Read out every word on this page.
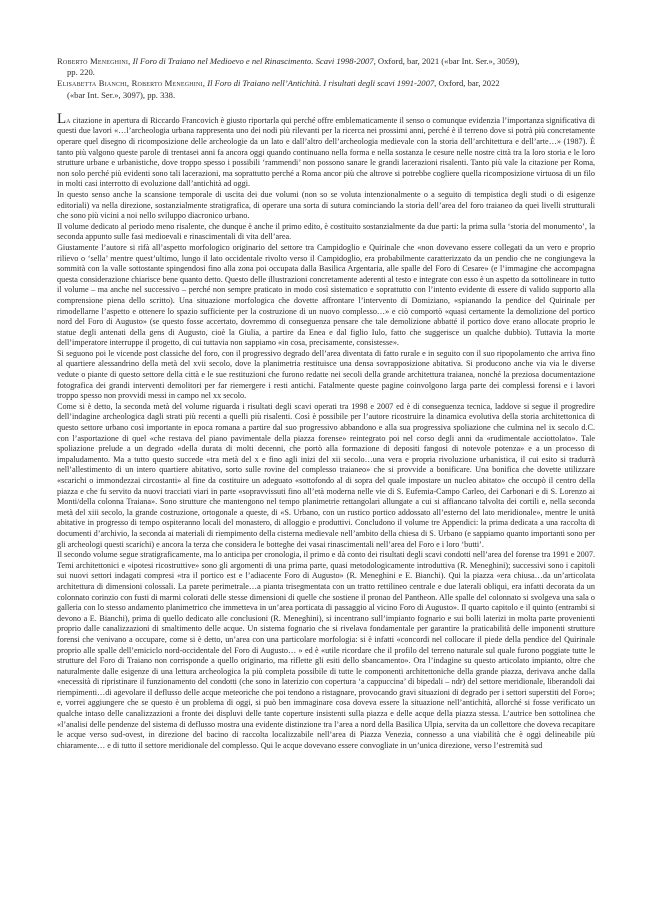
Roberto Meneghini, Il Foro di Traiano nel Medioevo e nel Rinascimento. Scavi 1998-2007, Oxford, bar, 2021 («bar Int. Ser.», 3059),
pp. 220.

Elisabetta Bianchi, Roberto Meneghini, Il Foro di Traiano nell’Antichità. I risultati degli scavi 1991-2007, Oxford, bar, 2022
(«bar Int. Ser.», 3097), pp. 338.

La citazione in apertura di Riccardo Francovich è giusto riportarla qui perché offre emblematicamente il senso o comunque evidenzia l’importanza significativa di questi due lavori «…l’archeologia urbana rappresenta uno dei nodi più rilevanti per la ricerca nei prossimi anni, perché è il terreno dove si potrà più concretamente operare quel disegno di ricomposizione delle archeologie da un lato e dall’altro dell’archeologia medievale con la storia dell’architettura e dell’arte…» (1987). È tanto più valgono queste parole di trentasei anni fa ancora oggi quando continuano nella forma e nella sostanza le cesure nelle nostre città tra la loro storia e le loro strutture urbane e urbanistiche, dove troppo spesso i possibili ‘rammendi’ non possono sanare le grandi lacerazioni risalenti. Tanto più vale la citazione per Roma, non solo perché più evidenti sono tali lacerazioni, ma soprattutto perché a Roma ancor più che altrove si potrebbe cogliere quella ricomposizione virtuosa di un filo in molti casi interrotto di evoluzione dall’antichità ad oggi.

In questo senso anche la scansione temporale di uscita dei due volumi (non so se voluta intenzionalmente o a seguito di tempistica degli studi o di esigenze editoriali) va nella direzione, sostanzialmente stratigrafica, di operare una sorta di sutura cominciando la storia dell’area del foro traianeo da quei livelli strutturali che sono più vicini a noi nello sviluppo diacronico urbano.

Il volume dedicato al periodo meno risalente, che dunque è anche il primo edito, è costituito sostanzialmente da due parti: la prima sulla ‘storia del monumento’, la seconda appunto sulle fasi medioevali e rinascimentali di vita dell’area.

Giustamente l’autore si rifà all’aspetto morfologico originario del settore tra Campidoglio e Quirinale che «non dovevano essere collegati da un vero e proprio rilievo o ‘sella’ mentre quest’ultimo, lungo il lato occidentale rivolto verso il Campidoglio, era probabilmente caratterizzato da un pendio che ne congiungeva la sommità con la valle sottostante spingendosi fino alla zona poi occupata dalla Basilica Argentaria, alle spalle del Foro di Cesare» (e l’immagine che accompagna questa considerazione chiarisce bene quanto detto. Questo delle illustrazioni concretamente aderenti al testo e integrate con esso è un aspetto da sottolineare in tutto il volume – ma anche nel successivo – perché non sempre praticato in modo così sistematico e soprattutto con l’intento evidente di essere di valido supporto alla comprensione piena dello scritto). Una situazione morfologica che dovette affrontare l’intervento di Domiziano, «spianando la pendice del Quirinale per rimodellarne l’aspetto e ottenere lo spazio sufficiente per la costruzione di un nuovo complesso…» e ciò comportò «quasi certamente la demolizione del portico nord del Foro di Augusto» (se questo fosse accertato, dovremmo di conseguenza pensare che tale demolizione abbatté il portico dove erano allocate proprio le statue degli antenati della gens di Augusto, cioè la Giulia, a partire da Enea e dal figlio Iulo, fatto che suggerisce un qualche dubbio). Tuttavia la morte dell’imperatore interruppe il progetto, di cui tuttavia non sappiamo «in cosa, precisamente, consistesse».

Si seguono poi le vicende post classiche del foro, con il progressivo degrado dell’area diventata di fatto rurale e in seguito con il suo ripopolamento che arriva fino al quartiere alessandrino della metà del xvii secolo, dove la planimetria restituisce una densa sovrapposizione abitativa. Si producono anche via via le diverse vedute o piante di questo settore della città e le sue restituzioni che furono redatte nei secoli della grande architettura traianea, nonché la preziosa documentazione fotografica dei grandi interventi demolitori per far riemergere i resti antichi. Fatalmente queste pagine coinvolgono larga parte dei complessi forensi e i lavori troppo spesso non provvidi messi in campo nel xx secolo.

Come si è detto, la seconda metà del volume riguarda i risultati degli scavi operati tra 1998 e 2007 ed è di conseguenza tecnica, laddove si segue il progredire dell’indagine archeologica dagli strati più recenti a quelli più risalenti. Così è possibile per l’autore ricostruire la dinamica evolutiva della storia architettonica di questo settore urbano così importante in epoca romana a partire dal suo progressivo abbandono e alla sua progressiva spoliazione che culmina nel ix secolo d.C. con l’asportazione di quel «che restava del piano pavimentale della piazza forense» reintegrato poi nel corso degli anni da «rudimentale acciottolato». Tale spoliazione prelude a un degrado «della durata di molti decenni, che portò alla formazione di depositi fangosi di notevole potenza» e a un processo di impaludamento. Ma a tutto questo succede «tra metà del x e fino agli inizi del xii secolo…una vera e propria rivoluzione urbanistica, il cui esito si tradurrà nell’allestimento di un intero quartiere abitativo, sorto sulle rovine del complesso traianeo» che si provvide a bonificare. Una bonifica che dovette utilizzare «scarichi o immondezzai circostanti» al fine da costituire un adeguato «sottofondo al di sopra del quale impostare un nucleo abitato» che occupò il centro della piazza e che fu servito da nuovi tracciati viari in parte «sopravvissuti fino all’età moderna nelle vie di S. Eufemia-Campo Carleo, dei Carbonari e di S. Lorenzo ai Monti/della colonna Traiana». Sono strutture che mantengono nel tempo planimetrie rettangolari allungate a cui si affiancano talvolta dei cortili e, nella seconda metà del xiii secolo, la grande costruzione, ortogonale a queste, di «S. Urbano, con un rustico portico addossato all’esterno del lato meridionale», mentre le unità abitative in progresso di tempo ospiteranno locali del monastero, di alloggio e produttivi. Concludono il volume tre Appendici: la prima dedicata a una raccolta di documenti d’archivio, la seconda ai materiali di riempimento della cisterna medievale nell’ambito della chiesa di S. Urbano (e sappiamo quanto importanti sono per gli archeologi questi scarichi) e ancora la terza che considera le botteghe dei vasai rinascimentali nell’area del Foro e i loro ‘butti’.

Il secondo volume segue stratigraficamente, ma lo anticipa per cronologia, il primo e dà conto dei risultati degli scavi condotti nell’area del forense tra 1991 e 2007. Temi architettonici e «ipotesi ricostruttive» sono gli argomenti di una prima parte, quasi metodologicamente introduttiva (R. Meneghini); successivi sono i capitoli sui nuovi settori indagati compresi «tra il portico est e l’adiacente Foro di Augusto» (R. Meneghini e E. Bianchi). Qui la piazza «era chiusa…da un’articolata architettura di dimensioni colossali. La parete perimetrale…a pianta trisegmentata con un tratto rettilineo centrale e due laterali obliqui, era infatti decorata da un colonnato corinzio con fusti di marmi colorati delle stesse dimensioni di quelle che sostiene il pronao del Pantheon. Alle spalle del colonnato si svolgeva una sala o galleria con lo stesso andamento planimetrico che immetteva in un’area porticata di passaggio al vicino Foro di Augusto». Il quarto capitolo e il quinto (entrambi si devono a E. Bianchi), prima di quello dedicato alle conclusioni (R. Meneghini), si incentrano sull’impianto fognario e sui bolli laterizi in molta parte provenienti proprio dalle canalizzazioni di smaltimento delle acque. Un sistema fognario che si rivelava fondamentale per garantire la praticabilità delle imponenti strutture forensi che venivano a occupare, come si è detto, un’area con una particolare morfologia: si è infatti «concordi nel collocare il piede della pendice del Quirinale proprio alle spalle dell’emiciclo nord-occidentale del Foro di Augusto… » ed è «utile ricordare che il profilo del terreno naturale sul quale furono poggiate tutte le strutture del Foro di Traiano non corrisponde a quello originario, ma riflette gli esiti dello sbancamento». Ora l’indagine su questo articolato impianto, oltre che naturalmente dalle esigenze di una lettura archeologica la più completa possibile di tutte le componenti architettoniche della grande piazza, derivava anche dalla «necessità di ripristinare il funzionamento del condotti (che sono in laterizio con copertura ‘a cappuccina’ di bipedali – ndr) del settore meridionale, liberandoli dai riempimenti…di agevolare il deflusso delle acque meteoriche che poi tendono a ristagnare, provocando gravi situazioni di degrado per i settori superstiti del Foro»; e, vorrei aggiungere che se questo è un problema di oggi, si può ben immaginare cosa doveva essere la situazione nell’antichità, allorché si fosse verificato un qualche intaso delle canalizzazioni a fronte dei displuvi delle tante coperture insistenti sulla piazza e delle acque della piazza stessa. L’autrice ben sottolinea che «l’analisi delle pendenze del sistema di deflusso mostra una evidente distinzione tra l’area a nord della Basilica Ulpia, servita da un collettore che doveva recapitare le acque verso sud-ovest, in direzione del bacino di raccolta localizzabile nell’area di Piazza Venezia, connesso a una viabilità che è oggi delineabile più chiaramente… e di tutto il settore meridionale del complesso. Qui le acque dovevano essere convogliate in un’unica direzione, verso l’estremità sud
